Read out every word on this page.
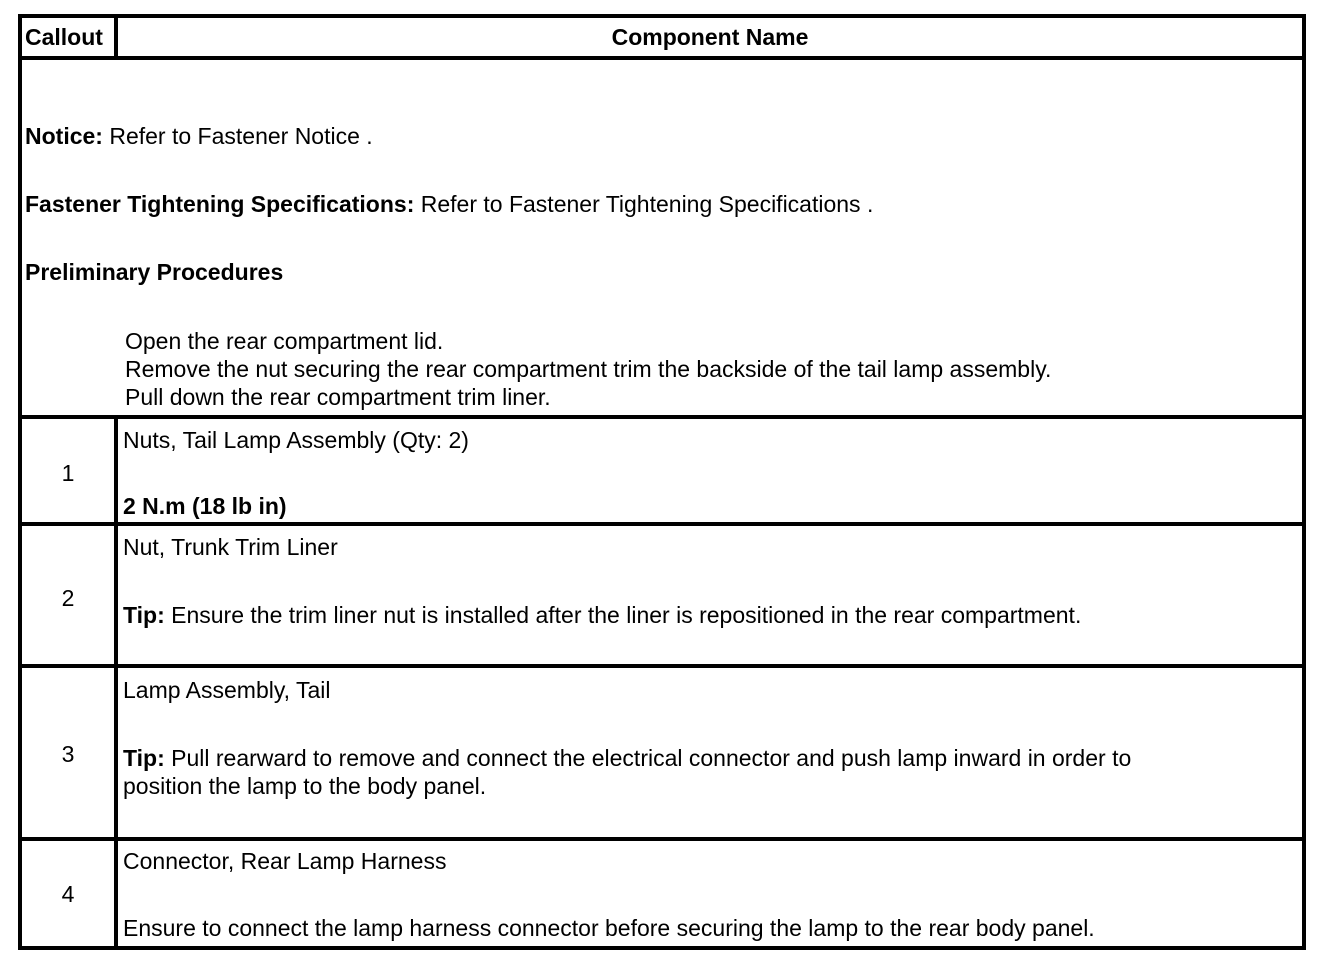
Callout	Component Name
Notice: Refer to Fastener Notice .
Fastener Tightening Specifications: Refer to Fastener Tightening Specifications .
Preliminary Procedures
Open the rear compartment lid.
Remove the nut securing the rear compartment trim the backside of the tail lamp assembly.
Pull down the rear compartment trim liner.
1
Nuts, Tail Lamp Assembly (Qty: 2)
2 N.m (18 lb in)
2
Nut, Trunk Trim Liner
Tip: Ensure the trim liner nut is installed after the liner is repositioned in the rear compartment.
3
Lamp Assembly, Tail
Tip: Pull rearward to remove and connect the electrical connector and push lamp inward in order to
position the lamp to the body panel.
4
Connector, Rear Lamp Harness
Ensure to connect the lamp harness connector before securing the lamp to the rear body panel.
